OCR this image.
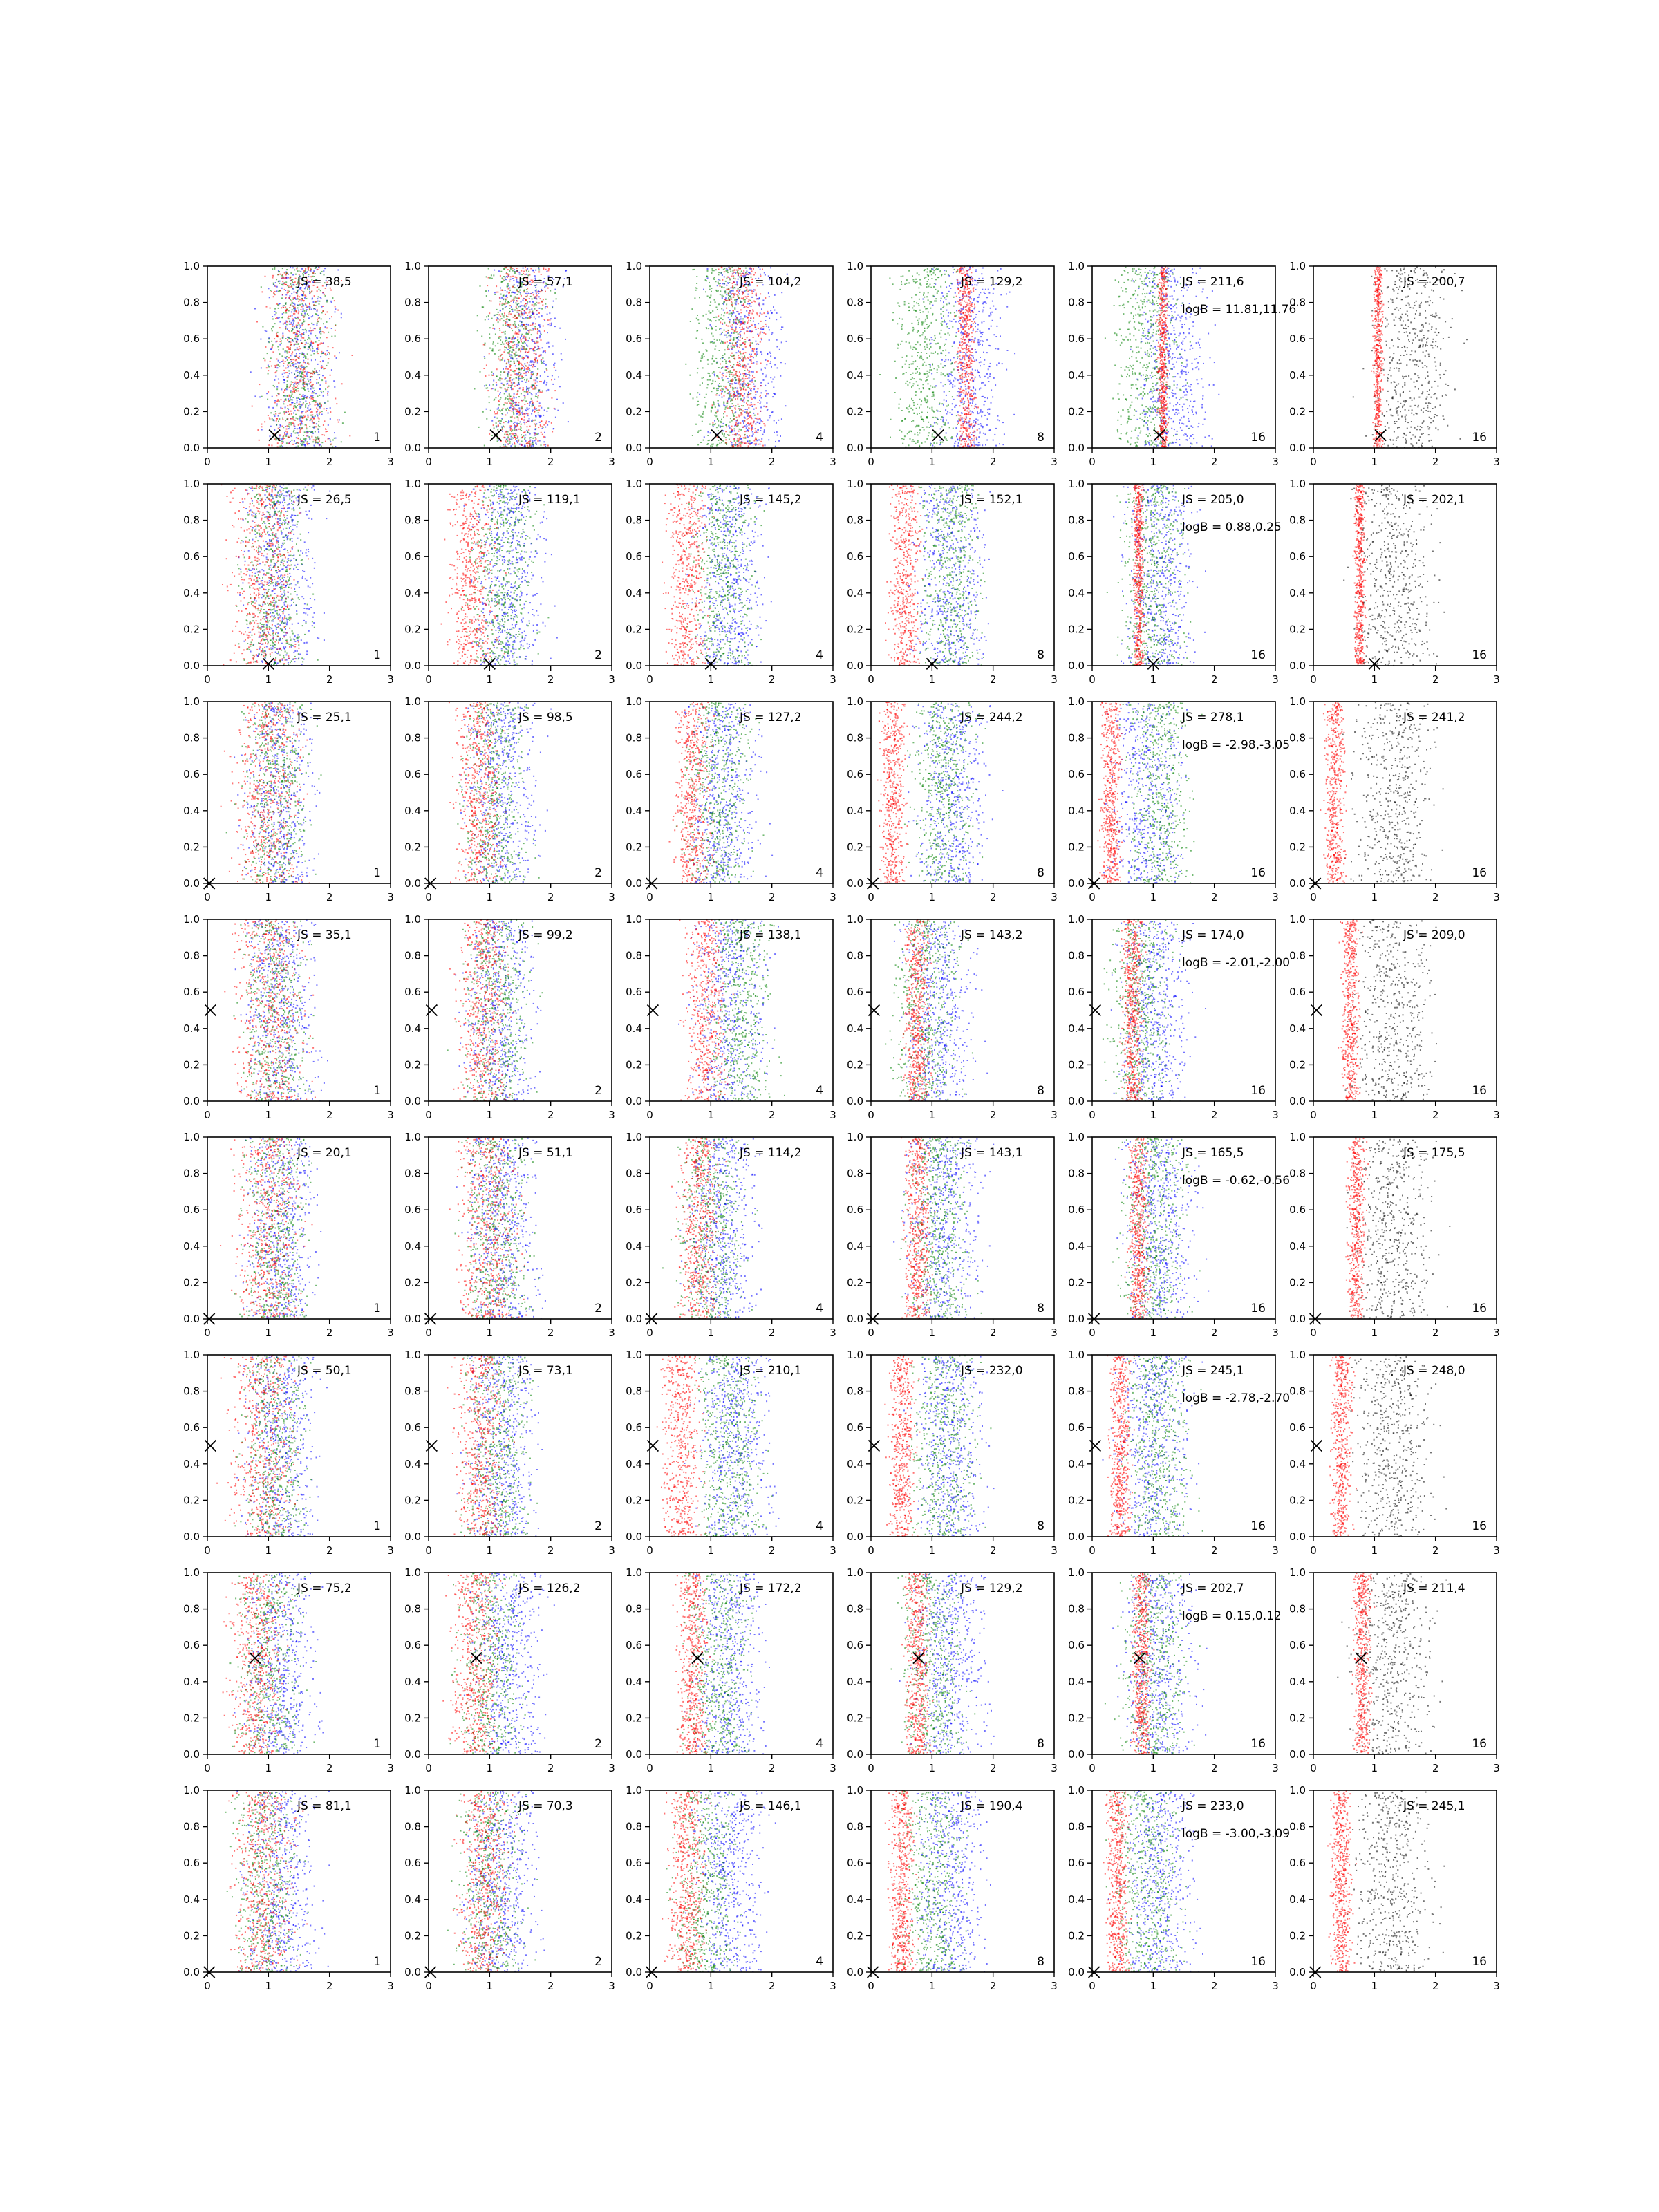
0	1	2	3
0.0
0.2
0.4
0.6
0.8
1.0
JS = 38,5
1
0	1	2	3
0.0
0.2
0.4
0.6
0.8
1.0
JS = 57,1
2
0	1	2	3
0.0
0.2
0.4
0.6
0.8
1.0
JS = 104,2
4
0	1	2	3
0.0
0.2
0.4
0.6
0.8
1.0
JS = 129,2
8
0	1	2	3
0.0
0.2
0.4
0.6
0.8
1.0
JS = 211,6
logB = 11.81,11.76
16
0	1	2	3
0.0
0.2
0.4
0.6
0.8
1.0
JS = 200,7
16
0	1	2	3
0.0
0.2
0.4
0.6
0.8
1.0
JS = 26,5
1
0	1	2	3
0.0
0.2
0.4
0.6
0.8
1.0
JS = 119,1
2
0	1	2	3
0.0
0.2
0.4
0.6
0.8
1.0
JS = 145,2
4
0	1	2	3
0.0
0.2
0.4
0.6
0.8
1.0
JS = 152,1
8
0	1	2	3
0.0
0.2
0.4
0.6
0.8
1.0
JS = 205,0
logB = 0.88,0.25
16
0	1	2	3
0.0
0.2
0.4
0.6
0.8
1.0
JS = 202,1
16
0	1	2	3
0.0
0.2
0.4
0.6
0.8
1.0
JS = 25,1
1
0	1	2	3
0.0
0.2
0.4
0.6
0.8
1.0
JS = 98,5
2
0	1	2	3
0.0
0.2
0.4
0.6
0.8
1.0
JS = 127,2
4
0	1	2	3
0.0
0.2
0.4
0.6
0.8
1.0
JS = 244,2
8
0	1	2	3
0.0
0.2
0.4
0.6
0.8
1.0
JS = 278,1
logB = -2.98,-3.05
16
0	1	2	3
0.0
0.2
0.4
0.6
0.8
1.0
JS = 241,2
16
0	1	2	3
0.0
0.2
0.4
0.6
0.8
1.0
JS = 35,1
1
0	1	2	3
0.0
0.2
0.4
0.6
0.8
1.0
JS = 99,2
2
0	1	2	3
0.0
0.2
0.4
0.6
0.8
1.0
JS = 138,1
4
0	1	2	3
0.0
0.2
0.4
0.6
0.8
1.0
JS = 143,2
8
0	1	2	3
0.0
0.2
0.4
0.6
0.8
1.0
JS = 174,0
logB = -2.01,-2.00
16
0	1	2	3
0.0
0.2
0.4
0.6
0.8
1.0
JS = 209,0
16
0	1	2	3
0.0
0.2
0.4
0.6
0.8
1.0
JS = 20,1
1
0	1	2	3
0.0
0.2
0.4
0.6
0.8
1.0
JS = 51,1
2
0	1	2	3
0.0
0.2
0.4
0.6
0.8
1.0
JS = 114,2
4
0	1	2	3
0.0
0.2
0.4
0.6
0.8
1.0
JS = 143,1
8
0	1	2	3
0.0
0.2
0.4
0.6
0.8
1.0
JS = 165,5
logB = -0.62,-0.56
16
0	1	2	3
0.0
0.2
0.4
0.6
0.8
1.0
JS = 175,5
16
0	1	2	3
0.0
0.2
0.4
0.6
0.8
1.0
JS = 50,1
1
0	1	2	3
0.0
0.2
0.4
0.6
0.8
1.0
JS = 73,1
2
0	1	2	3
0.0
0.2
0.4
0.6
0.8
1.0
JS = 210,1
4
0	1	2	3
0.0
0.2
0.4
0.6
0.8
1.0
JS = 232,0
8
0	1	2	3
0.0
0.2
0.4
0.6
0.8
1.0
JS = 245,1
logB = -2.78,-2.70
16
0	1	2	3
0.0
0.2
0.4
0.6
0.8
1.0
JS = 248,0
16
0	1	2	3
0.0
0.2
0.4
0.6
0.8
1.0
JS = 75,2
1
0	1	2	3
0.0
0.2
0.4
0.6
0.8
1.0
JS = 126,2
2
0	1	2	3
0.0
0.2
0.4
0.6
0.8
1.0
JS = 172,2
4
0	1	2	3
0.0
0.2
0.4
0.6
0.8
1.0
JS = 129,2
8
0	1	2	3
0.0
0.2
0.4
0.6
0.8
1.0
JS = 202,7
logB = 0.15,0.12
16
0	1	2	3
0.0
0.2
0.4
0.6
0.8
1.0
JS = 211,4
16
0	1	2	3
0.0
0.2
0.4
0.6
0.8
1.0
JS = 81,1
1
0	1	2	3
0.0
0.2
0.4
0.6
0.8
1.0
JS = 70,3
2
0	1	2	3
0.0
0.2
0.4
0.6
0.8
1.0
JS = 146,1
4
0	1	2	3
0.0
0.2
0.4
0.6
0.8
1.0
JS = 190,4
8
0	1	2	3
0.0
0.2
0.4
0.6
0.8
1.0
JS = 233,0
logB = -3.00,-3.09
16
0	1	2	3
0.0
0.2
0.4
0.6
0.8
1.0
JS = 245,1
16
